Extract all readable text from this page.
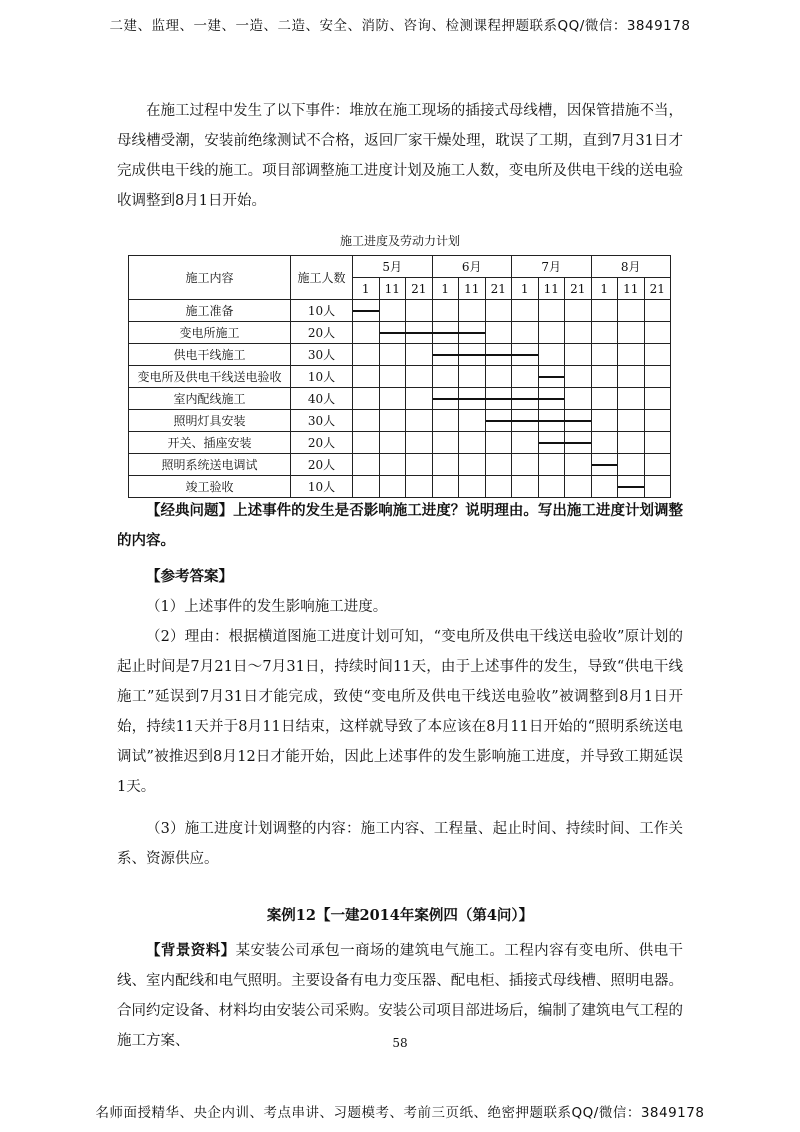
二建、监理、一建、一造、二造、安全、消防、咨询、检测课程押题联系QQ/微信：3849178
在施工过程中发生了以下事件：堆放在施工现场的插接式母线槽，因保管措施不当，母线槽受潮，安装前绝缘测试不合格，返回厂家干燥处理，耽误了工期，直到7月31日才完成供电干线的施工。项目部调整施工进度计划及施工人数，变电所及供电干线的送电验收调整到8月1日开始。
施工进度及劳动力计划
施工内容	施工人数	5月			6月			7月			8月		
		1	11	21	1	11	21	1	11	21	1	11	21
施工准备	10人	

变电所施工	20人		

供电干线施工	30人				

变电所及供电干线送电验收	10人								

室内配线施工	40人				

照明灯具安装	30人						

开关、插座安装	20人								

照明系统送电调试	20人										

竣工验收	10人											

【经典问题】上述事件的发生是否影响施工进度？说明理由。写出施工进度计划调整的内容。
【参考答案】
（1）上述事件的发生影响施工进度。
（2）理由：根据横道图施工进度计划可知，“变电所及供电干线送电验收”原计划的起止时间是7月21日～7月31日，持续时间11天，由于上述事件的发生，导致“供电干线施工”延误到7月31日才能完成，致使“变电所及供电干线送电验收”被调整到8月1日开始，持续11天并于8月11日结束，这样就导致了本应该在8月11日开始的“照明系统送电调试”被推迟到8月12日才能开始，因此上述事件的发生影响施工进度，并导致工期延误1天。
（3）施工进度计划调整的内容：施工内容、工程量、起止时间、持续时间、工作关系、资源供应。
案例12【一建2014年案例四（第4问）】
【背景资料】某安装公司承包一商场的建筑电气施工。工程内容有变电所、供电干线、室内配线和电气照明。主要设备有电力变压器、配电柜、插接式母线槽、照明电器。合同约定设备、材料均由安装公司采购。安装公司项目部进场后，编制了建筑电气工程的施工方案、	58
名师面授精华、央企内训、考点串讲、习题模考、考前三页纸、绝密押题联系QQ/微信：3849178
